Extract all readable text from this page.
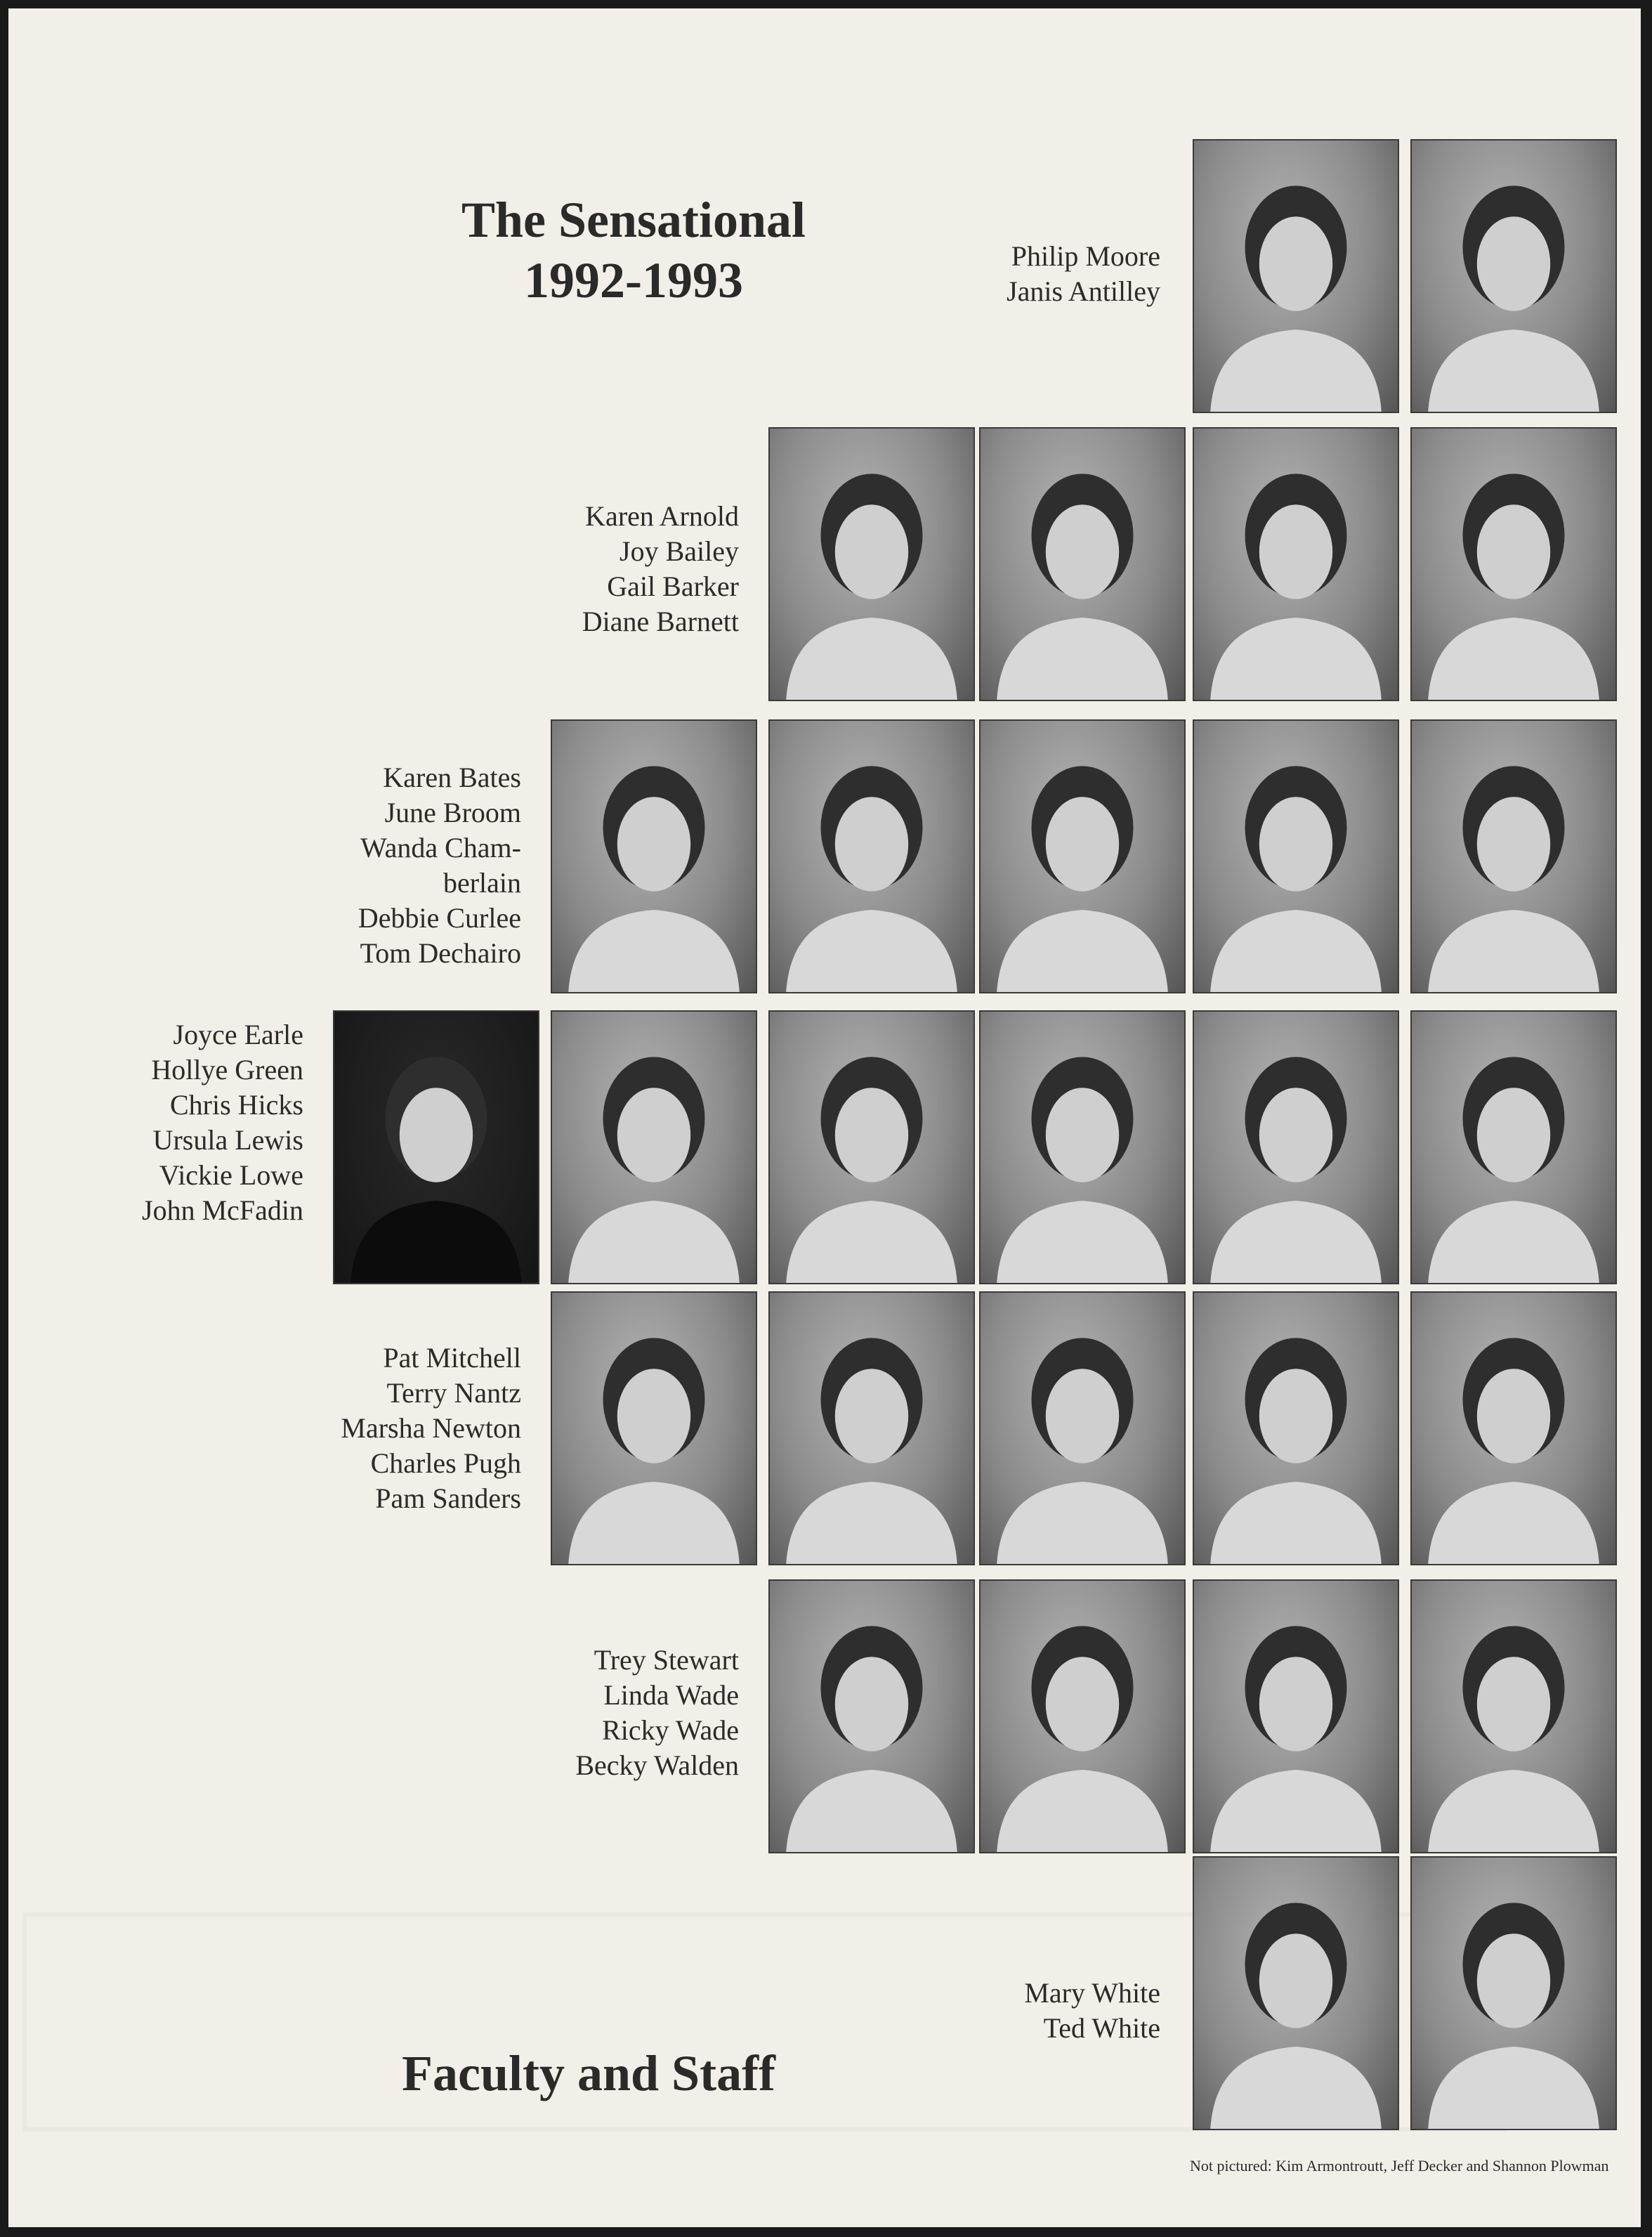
The Sensational
1992-1993
Faculty and Staff
Philip Moore
Janis Antilley
Karen Arnold
Joy Bailey
Gail Barker
Diane Barnett
Karen Bates
June Broom
Wanda Cham-
berlain
Debbie Curlee
Tom Dechairo
Joyce Earle
Hollye Green
Chris Hicks
Ursula Lewis
Vickie Lowe
John McFadin
Pat Mitchell
Terry Nantz
Marsha Newton
Charles Pugh
Pam Sanders
Trey Stewart
Linda Wade
Ricky Wade
Becky Walden
Mary White
Ted White
Not pictured: Kim Armontroutt, Jeff Decker and Shannon Plowman
